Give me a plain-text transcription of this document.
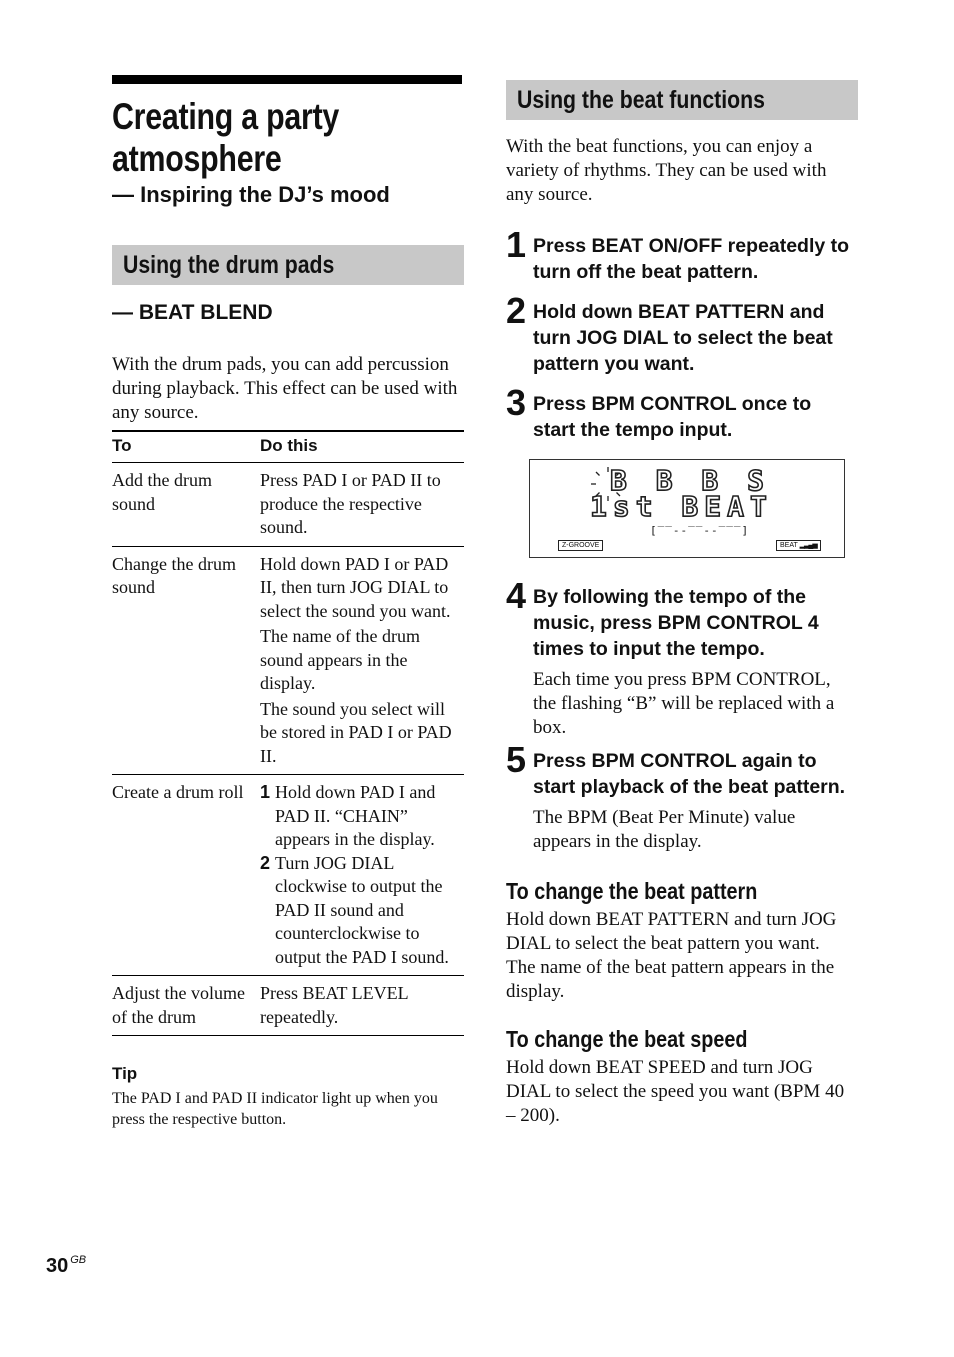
Creating a party
atmosphere
— Inspiring the DJ’s mood
Using the drum pads
— BEAT BLEND
With the drum pads, you can add percussion during playback. This effect can be used with any source.
To	Do this
Add the drum sound	Press PAD I or PAD II to produce the respective sound.
Change the drum sound	Hold down PAD I or PAD II, then turn JOG DIAL to select the sound you want.
The name of the drum sound appears in the display.
The sound you select will be stored in PAD I or PAD II.

Create a drum roll	1 Hold down PAD I and PAD II. “CHAIN” appears in the display.
2 Turn JOG DIAL clockwise to output the PAD II sound and counterclockwise to output the PAD I sound.

Adjust the volume of the drum	Press BEAT LEVEL repeatedly.
Tip
The PAD I and PAD II indicator light up when you press the respective button.
Using the beat functions
With the beat functions, you can enjoy a variety of rhythms. They can be used with any source.
1 Press BEAT ON/OFF repeatedly to turn off the beat pattern.
2 Hold down BEAT PATTERN and turn JOG DIAL to select the beat pattern you want.
3 Press BPM CONTROL once to start the tempo input.
B B B S
1st BEAT
[‾‾--‾‾--‾‾‾]
Z-GROOVE	BEAT ▂▃▄▅
4 By following the tempo of the music, press BPM CONTROL 4 times to input the tempo.
Each time you press BPM CONTROL, the flashing “B” will be replaced with a box.
5 Press BPM CONTROL again to start playback of the beat pattern.
The BPM (Beat Per Minute) value appears in the display.
To change the beat pattern
Hold down BEAT PATTERN and turn JOG DIAL to select the beat pattern you want.
The name of the beat pattern appears in the display.
To change the beat speed
Hold down BEAT SPEED and turn JOG DIAL to select the speed you want (BPM 40 – 200).
30 $^{GB}$
